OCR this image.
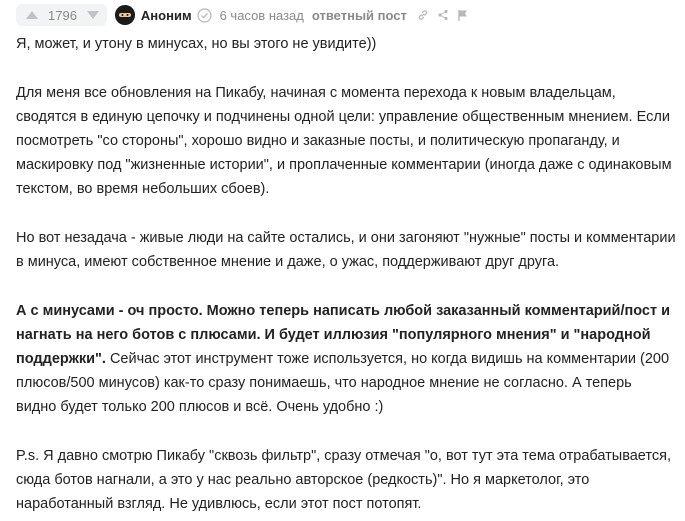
1796	Аноним 6 часов назад ответный пост

Я, может, и утону в минусах, но вы этого не увидите))

Для меня все обновления на Пикабу, начиная с момента перехода к новым владельцам, сводятся в единую цепочку и подчинены одной цели: управление общественным мнением. Если посмотреть "со стороны", хорошо видно и заказные посты, и политическую пропаганду, и маскировку под "жизненные истории", и проплаченные комментарии (иногда даже с одинаковым текстом, во время небольших сбоев).

Но вот незадача - живые люди на сайте остались, и они загоняют "нужные" посты и комментарии в минуса, имеют собственное мнение и даже, о ужас, поддерживают друг друга.

А с минусами - оч просто. Можно теперь написать любой заказанный комментарий/пост и нагнать на него ботов с плюсами. И будет иллюзия "популярного мнения" и "народной поддержки". Сейчас этот инструмент тоже используется, но когда видишь на комментарии (200 плюсов/500 минусов) как-то сразу понимаешь, что народное мнение не согласно. А теперь видно будет только 200 плюсов и всё. Очень удобно :)

P.s. Я давно смотрю Пикабу "сквозь фильтр", сразу отмечая "о, вот тут эта тема отрабатывается, сюда ботов нагнали, а это у нас реально авторское (редкость)". Но я маркетолог, это наработанный взгляд. Не удивлюсь, если этот пост потопят.
